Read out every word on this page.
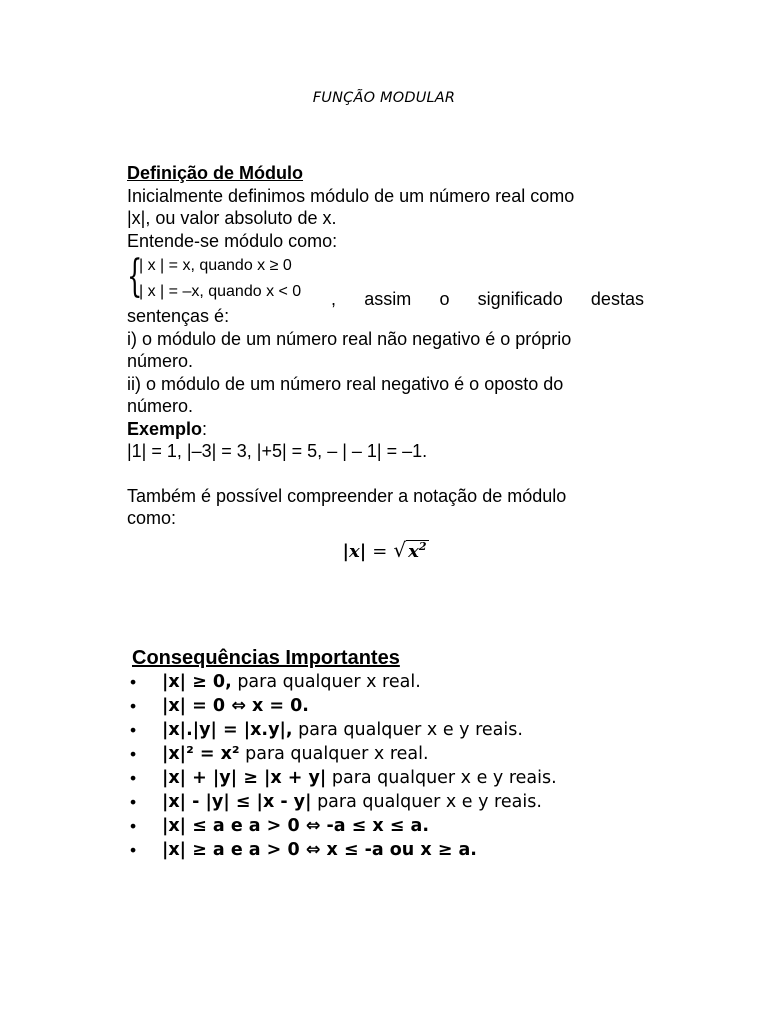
FUNÇÃO MODULAR

Definição de Módulo

Inicialmente definimos módulo de um número real como

|x|, ou valor absoluto de x.

Entende-se módulo como:

{
| x | = x, quando x ≥ 0
| x | = –x, quando x < 0 , assim o significado destas

sentenças é:

i) o módulo de um número real não negativo é o próprio

número.

ii) o módulo de um número real negativo é o oposto do

número.

Exemplo:

|1| = 1, |–3| = 3, |+5| = 5, – | – 1| = –1.

Também é possível compreender a notação de módulo

como:

|x| = √ $x^2$

Consequências Importantes

• |x| ≥ 0, para qualquer x real.
• |x| = 0 ⇔ x = 0.
• |x|.|y| = |x.y|, para qualquer x e y reais.
• |x|² = x² para qualquer x real.
• |x| + |y| ≥ |x + y| para qualquer x e y reais.
• |x| - |y| ≤ |x - y| para qualquer x e y reais.
• |x| ≤ a e a > 0 ⇔ -a ≤ x ≤ a.
• |x| ≥ a e a > 0 ⇔ x ≤ -a ou x ≥ a.
